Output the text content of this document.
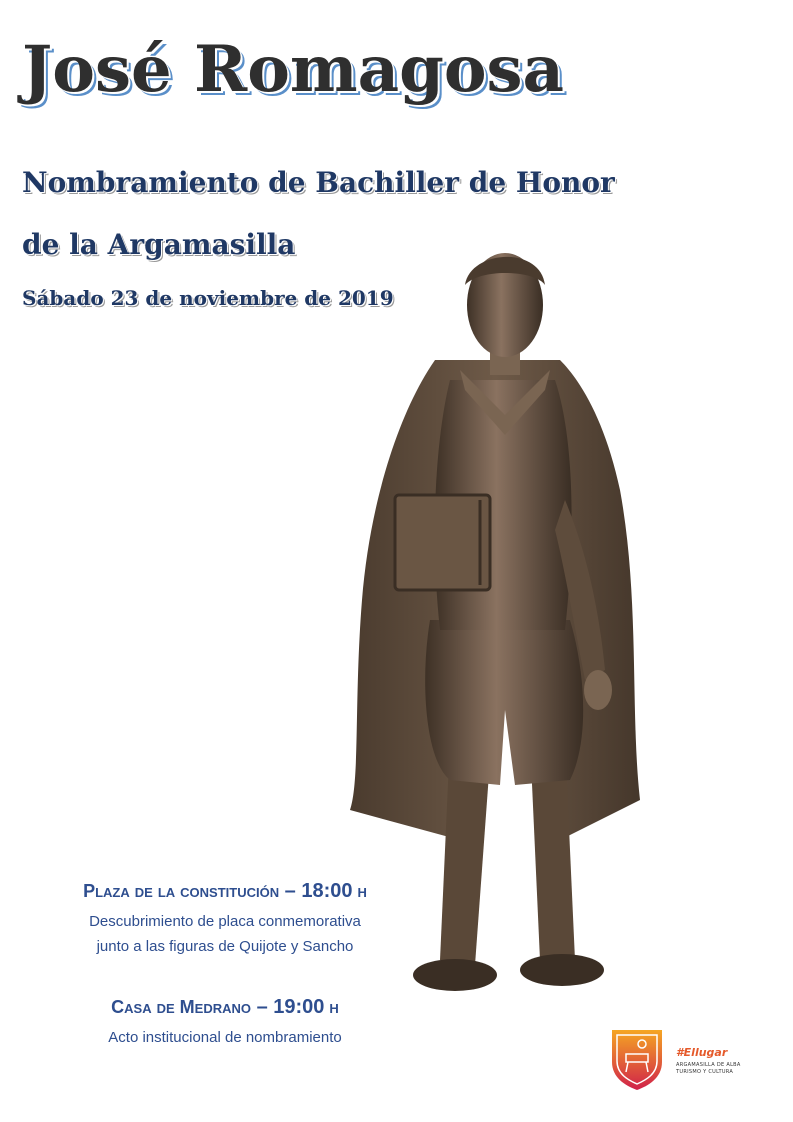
José Romagosa
Nombramiento de Bachiller de Honor
de la Argamasilla
Sábado 23 de noviembre de 2019
Plaza de la constitución – 18:00 h
Descubrimiento de placa conmemorativa
junto a las figuras de Quijote y Sancho
Casa de Medrano – 19:00 h
Acto institucional de nombramiento
#Ellugar
ARGAMASILLA DE ALBA
TURISMO Y CULTURA
